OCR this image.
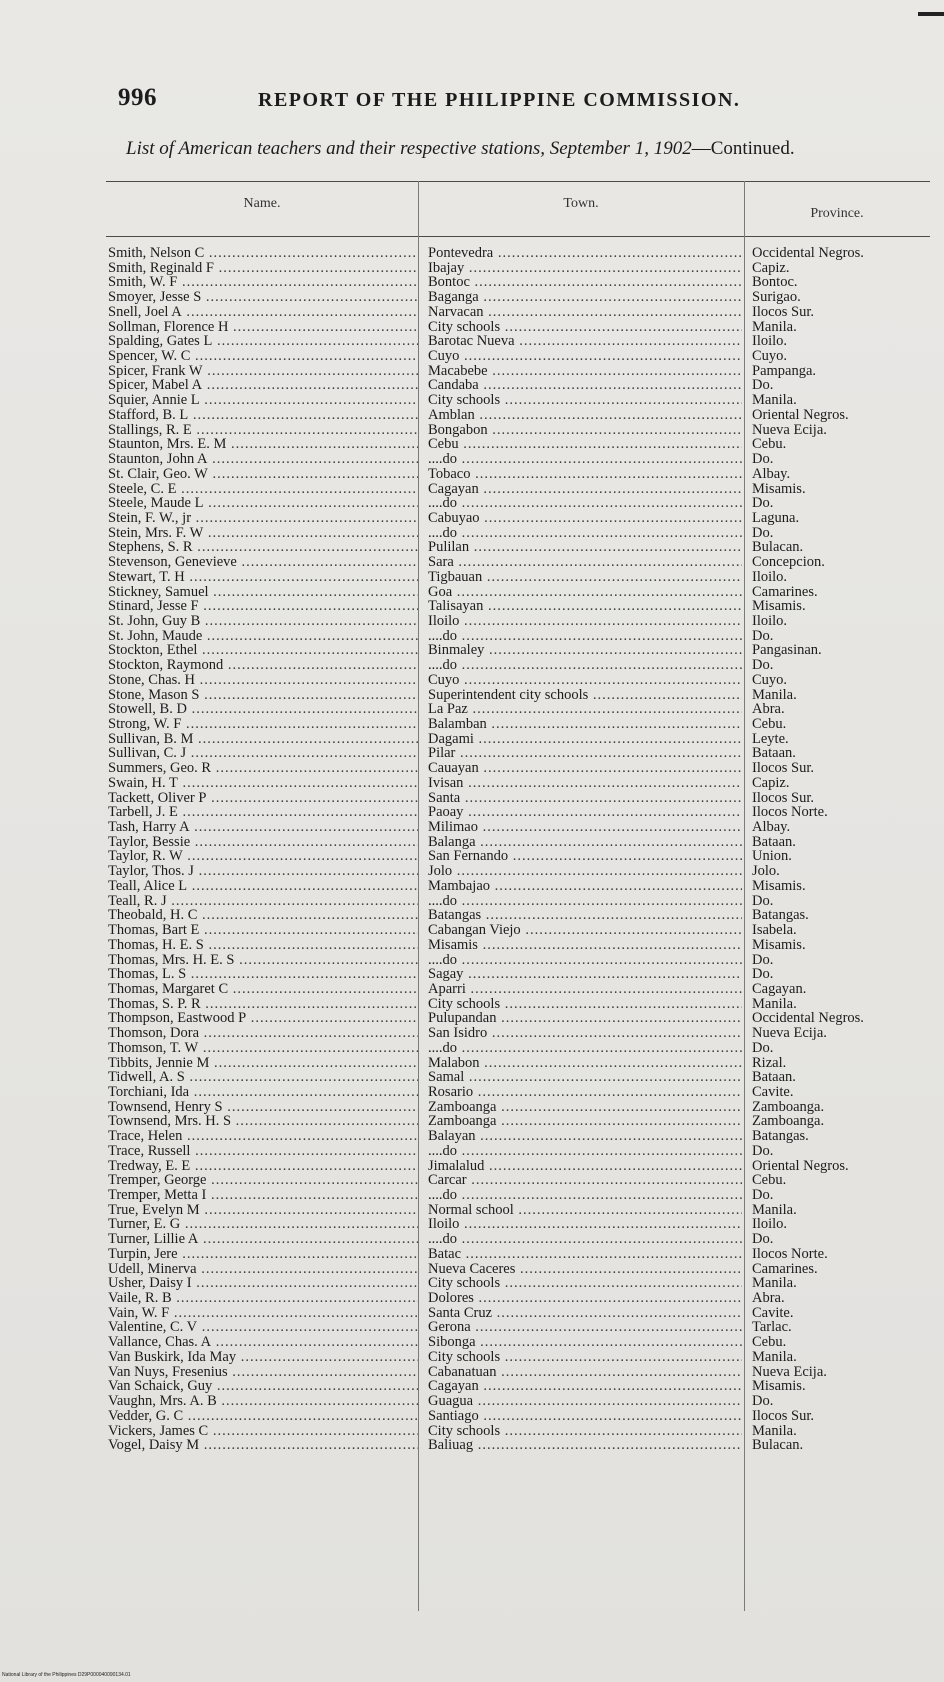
996	REPORT OF THE PHILIPPINE COMMISSION.
List of American teachers and their respective stations, September 1, 1902—Continued.
Name.	Town.
Province.
Smith, Nelson C .....
Smith, Reginald F .....
Smith, W. F .....
Smoyer, Jesse S .....
Snell, Joel A .....
Sollman, Florence H .....
Spalding, Gates L .....
Spencer, W. C .....
Spicer, Frank W .....
Spicer, Mabel A .....
Squier, Annie L .....
Stafford, B. L .....
Stallings, R. E .....
Staunton, Mrs. E. M .....
Staunton, John A .....
St. Clair, Geo. W .....
Steele, C. E .....
Steele, Maude L .....
Stein, F. W., jr .....
Stein, Mrs. F. W .....
Stephens, S. R .....
Stevenson, Genevieve .....
Stewart, T. H .....
Stickney, Samuel .....
Stinard, Jesse F .....
St. John, Guy B .....
St. John, Maude .....
Stockton, Ethel .....
Stockton, Raymond .....
Stone, Chas. H .....
Stone, Mason S .....
Stowell, B. D .....
Strong, W. F .....
Sullivan, B. M .....
Sullivan, C. J .....
Summers, Geo. R .....
Swain, H. T .....
Tackett, Oliver P .....
Tarbell, J. E .....
Tash, Harry A .....
Taylor, Bessie .....
Taylor, R. W .....
Taylor, Thos. J .....
Teall, Alice L .....
Teall, R. J .....
Theobald, H. C .....
Thomas, Bart E .....
Thomas, H. E. S .....
Thomas, Mrs. H. E. S .....
Thomas, L. S .....
Thomas, Margaret C .....
Thomas, S. P. R .....
Thompson, Eastwood P .....
Thomson, Dora .....
Thomson, T. W .....
Tibbits, Jennie M .....
Tidwell, A. S .....
Torchiani, Ida .....
Townsend, Henry S .....
Townsend, Mrs. H. S .....
Trace, Helen .....
Trace, Russell .....
Tredway, E. E .....
Tremper, George .....
Tremper, Metta I .....
True, Evelyn M .....
Turner, E. G .....
Turner, Lillie A .....
Turpin, Jere .....
Udell, Minerva .....
Usher, Daisy I .....
Vaile, R. B .....
Vain, W. F .....
Valentine, C. V .....
Vallance, Chas. A .....
Van Buskirk, Ida May .....
Van Nuys, Fresenius .....
Van Schaick, Guy .....
Vaughn, Mrs. A. B .....
Vedder, G. C .....
Vickers, James C .....
Vogel, Daisy M .....
Pontevedra .....
Ibajay .....
Bontoc .....
Baganga .....
Narvacan .....
City schools .....
Barotac Nueva .....
Cuyo .....
Macabebe .....
Candaba .....
City schools .....
Amblan .....
Bongabon .....
Cebu .....
....do .....
Tobaco .....
Cagayan .....
....do .....
Cabuyao .....
....do .....
Pulilan .....
Sara .....
Tigbauan .....
Goa .....
Talisayan .....
Iloilo .....
....do .....
Binmaley .....
....do .....
Cuyo .....
Superintendent city schools .....
La Paz .....
Balamban .....
Dagami .....
Pilar .....
Cauayan .....
Ivisan .....
Santa .....
Paoay .....
Milimao .....
Balanga .....
San Fernando .....
Jolo .....
Mambajao .....
....do .....
Batangas .....
Cabangan Viejo .....
Misamis .....
....do .....
Sagay .....
Aparri .....
City schools .....
Pulupandan .....
San Isidro .....
....do .....
Malabon .....
Samal .....
Rosario .....
Zamboanga .....
Zamboanga .....
Balayan .....
....do .....
Jimalalud .....
Carcar .....
....do .....
Normal school .....
Iloilo .....
....do .....
Batac .....
Nueva Caceres .....
City schools .....
Dolores .....
Santa Cruz .....
Gerona .....
Sibonga .....
City schools .....
Cabanatuan .....
Cagayan .....
Guagua .....
Santiago .....
City schools .....
Baliuag .....
Occidental Negros.
Capiz.
Bontoc.
Surigao.
Ilocos Sur.
Manila.
Iloilo.
Cuyo.
Pampanga.
Do.
Manila.
Oriental Negros.
Nueva Ecija.
Cebu.
Do.
Albay.
Misamis.
Do.
Laguna.
Do.
Bulacan.
Concepcion.
Iloilo.
Camarines.
Misamis.
Iloilo.
Do.
Pangasinan.
Do.
Cuyo.
Manila.
Abra.
Cebu.
Leyte.
Bataan.
Ilocos Sur.
Capiz.
Ilocos Sur.
Ilocos Norte.
Albay.
Bataan.
Union.
Jolo.
Misamis.
Do.
Batangas.
Isabela.
Misamis.
Do.
Do.
Cagayan.
Manila.
Occidental Negros.
Nueva Ecija.
Do.
Rizal.
Bataan.
Cavite.
Zamboanga.
Zamboanga.
Batangas.
Do.
Oriental Negros.
Cebu.
Do.
Manila.
Iloilo.
Do.
Ilocos Norte.
Camarines.
Manila.
Abra.
Cavite.
Tarlac.
Cebu.
Manila.
Nueva Ecija.
Misamis.
Do.
Ilocos Sur.
Manila.
Bulacan.
National Library of the Philippines D29P000040090134.01
